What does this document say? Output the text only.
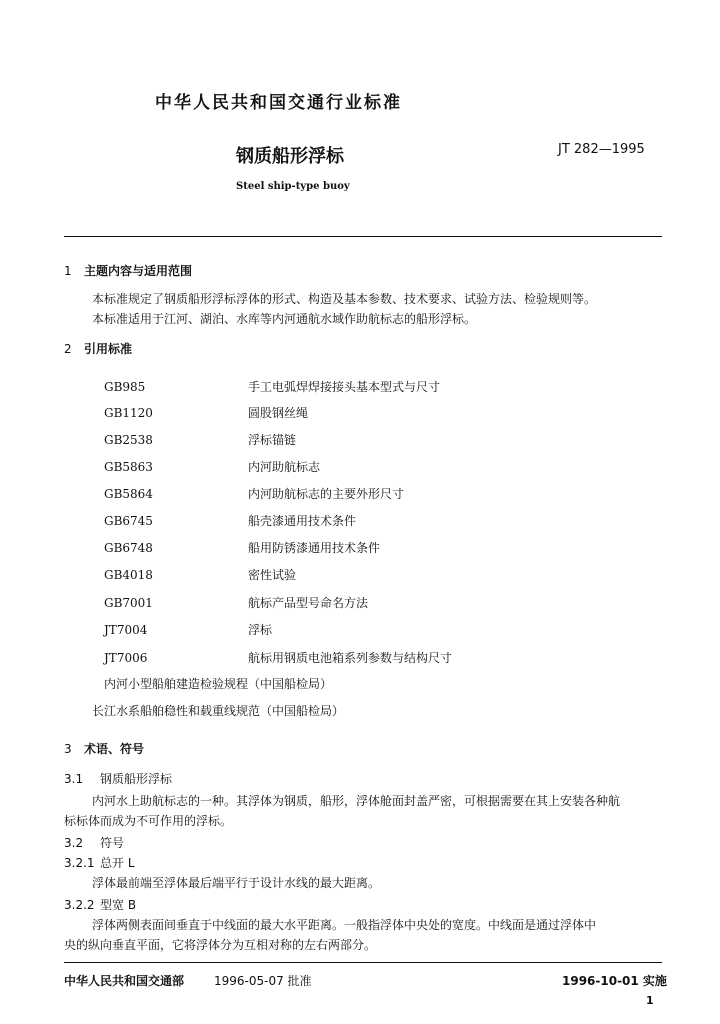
中华人民共和国交通行业标准
钢质船形浮标	JT 282—1995
Steel ship-type buoy
1 主题内容与适用范围
本标准规定了钢质船形浮标浮体的形式、构造及基本参数、技术要求、试验方法、检验规则等。
本标准适用于江河、湖泊、水库等内河通航水域作助航标志的船形浮标。
2 引用标准
GB985	手工电弧焊焊接接头基本型式与尺寸
GB1120	圆股钢丝绳
GB2538	浮标锚链
GB5863	内河助航标志
GB5864	内河助航标志的主要外形尺寸
GB6745	船壳漆通用技术条件
GB6748	船用防锈漆通用技术条件
GB4018	密性试验
GB7001	航标产品型号命名方法
JT7004	浮标
JT7006	航标用钢质电池箱系列参数与结构尺寸
内河小型船舶建造检验规程（中国船检局）
长江水系船舶稳性和载重线规范（中国船检局）
3 术语、符号
3.1 钢质船形浮标
内河水上助航标志的一种。其浮体为钢质，船形，浮体舱面封盖严密，可根据需要在其上安装各种航
标标体而成为不可作用的浮标。
3.2 符号
3.2.1 总开 L
浮体最前端至浮体最后端平行于设计水线的最大距离。
3.2.2 型宽 B
浮体两侧表面间垂直于中线面的最大水平距离。一般指浮体中央处的宽度。中线面是通过浮体中
央的纵向垂直平面，它将浮体分为互相对称的左右两部分。
中华人民共和国交通部 1996-05-07 批准	1996-10-01 实施
1
